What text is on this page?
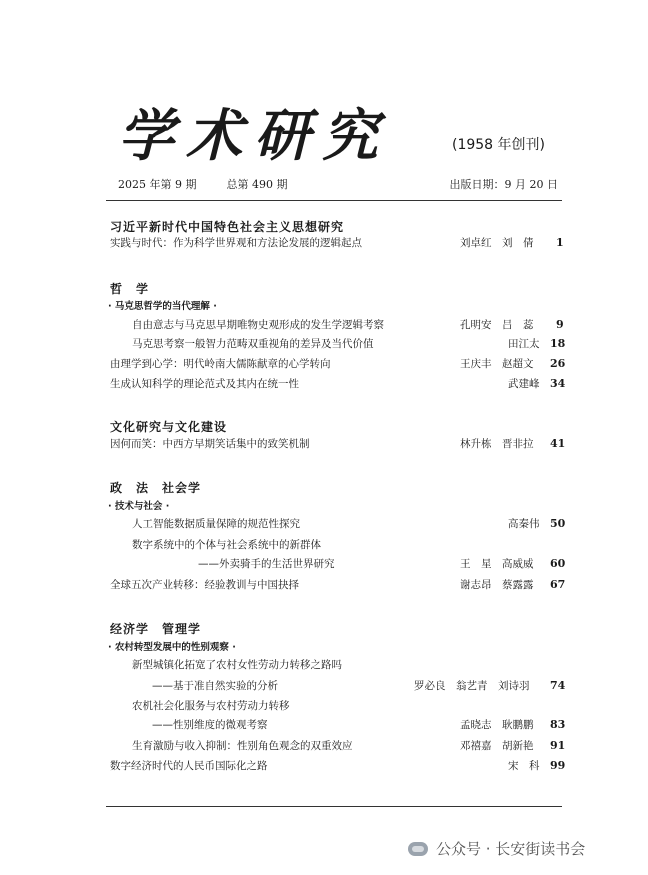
学术研究	(1958 年创刊)
2025 年第 9 期	总第 490 期	出版日期：9 月 20 日
习近平新时代中国特色社会主义思想研究
实践与时代：作为科学世界观和方法论发展的逻辑起点	刘卓红　刘　倩 1
哲　学
· 马克思哲学的当代理解 ·
自由意志与马克思早期唯物史观形成的发生学逻辑考察	孔明安　吕　蕊 9
马克思考察一般智力范畴双重视角的差异及当代价值	田江太 18
由理学到心学：明代岭南大儒陈献章的心学转向	王庆丰　赵超文 26
生成认知科学的理论范式及其内在统一性	武建峰 34
文化研究与文化建设
因何而笑：中西方早期笑话集中的致笑机制	林升栋　晋非拉 41
政　法　社会学
· 技术与社会 ·
人工智能数据质量保障的规范性探究	高秦伟 50
数字系统中的个体与社会系统中的新群体
——外卖骑手的生活世界研究	王　星　高威威 60
全球五次产业转移：经验教训与中国抉择	谢志昂　蔡露露 67
经济学　管理学
· 农村转型发展中的性别观察 ·
新型城镇化拓宽了农村女性劳动力转移之路吗
——基于准自然实验的分析	罗必良　翁艺青　刘诗羽 74
农机社会化服务与农村劳动力转移
——性别维度的微观考察	孟晓志　耿鹏鹏 83
生育激励与收入抑制：性别角色观念的双重效应	邓禧嘉　胡新艳 91
数字经济时代的人民币国际化之路	宋　科 99
公众号 · 长安街读书会
